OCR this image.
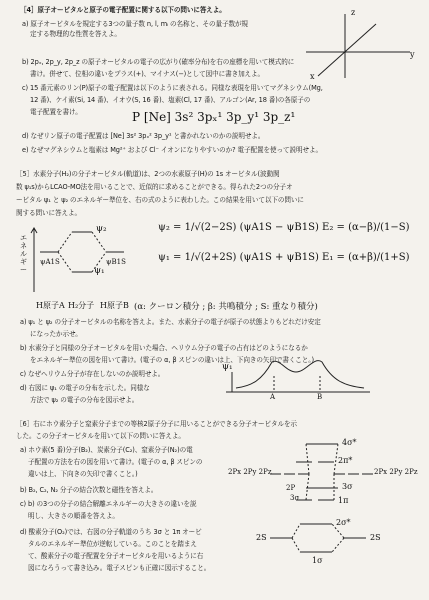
［4］原子オービタルと原子の電子配置に関する以下の問いに答えよ。
a) 原子オービタルを規定する3つの量子数 n, l, mₗ の名称と、その量子数が規
定する物理的な性質を答えよ。
b) 2pₓ, 2p_y, 2p_z の原子オービタルの電子の広がり(確率分布)を右の座標を用いて模式的に
書け。併せて、位相の違いをプラス(+)、マイナス(−)として図中に書き加えよ。
c) 15 番元素のリン(P)原子の電子配置は以下のように表される。同様な表現を用いてマグネシウム(Mg,
12 番)、ケイ素(Si, 14 番)、イオウ(S, 16 番)、塩素(Cl, 17 番)、アルゴン(Ar, 18 番)の各原子の
電子配置を書け。	P [Ne] 3s² 3pₓ¹ 3p_y¹ 3p_z¹
d) なぜリン原子の電子配置は [Ne] 3s² 3pₓ² 3p_y¹ と書かれないのかの説明せよ。
e) なぜマグネシウムと塩素は Mg²⁺ および Cl⁻ イオンになりやすいのか? 電子配置を使って説明せよ。
z
y
x
［5］水素分子(H₂)の分子オービタル(軌道)は、2つの水素原子(H)の 1s オービタル(波動関
数 ψ₁s)からLCAO-MO法を用いることで、近似的に求めることができる。得られた2つの分子オ
ービタル ψ₁ と ψ₂ のエネルギー準位を、右の式のように表わした。この結果を用いて以下の問いに
関する問いに答えよ。
エネルギー
ψ₂
ψ₁
ψA1S	ψB1S
ψ₂ = 1/√(2−2S) (ψA1S − ψB1S) E₂ = (α−β)/(1−S)
ψ₁ = 1/√(2+2S) (ψA1S + ψB1S) E₁ = (α+β)/(1+S)
H原子A H₂分子 H原子B (α: クーロン積分 ; β: 共鳴積分 ; S: 重なり積分)
a) ψ₁ と ψ₂ の分子オービタルの名称を答えよ。また、水素分子の電子が原子の状態よりもどれだけ安定
になったか示せ。
b) 水素分子と同様の分子オービタルを用いた場合、ヘリウム分子の電子の占有はどのようになるか
をエネルギー準位の図を用いて書け。(電子の α, β スピンの違いは上、下向きの矢印で書くこと。)
c) なぜヘリウム分子が存在しないのか説明せよ。
d) 右図に ψ₁ の電子の分布を示した。同様な
方法で ψ₂ の電子の分布を図示せよ。
ψ₁
A	B
［6］右にホウ素分子と窒素分子までの等核2原子分子に用いることができる分子オービタルを示
した。この分子オービタルを用いて以下の問いに答えよ。
a) ホウ素(5 番)分子(B₂)、炭素分子(C₂)、窒素分子(N₂)の電
子配置の方法を右の図を用いて書け。(電子の α, β スピンの
違いは上、下向きの矢印で書くこと。)
b) B₂, C₂, N₂ 分子の結合次数と磁性を答えよ。
c) b) の3つの分子の結合解離エネルギーの大きさの違いを説
明し、大きさの順番を答えよ。
d) 酸素分子(O₂)では、右図の分子軌道のうち 3σ と 1π オービ
タルのエネルギー準位が逆転している。このことを踏まえ
て、酸素分子の電子配置を分子オービタルを用いるように右
図になろうって書き込み。電子スピンも正確に図示すること。
4σ*
2π*
2Px 2Py 2Pz	2Px 2Py 2Pz
3σ
2P
1π
3σ
2σ*
2S	2S
1σ
